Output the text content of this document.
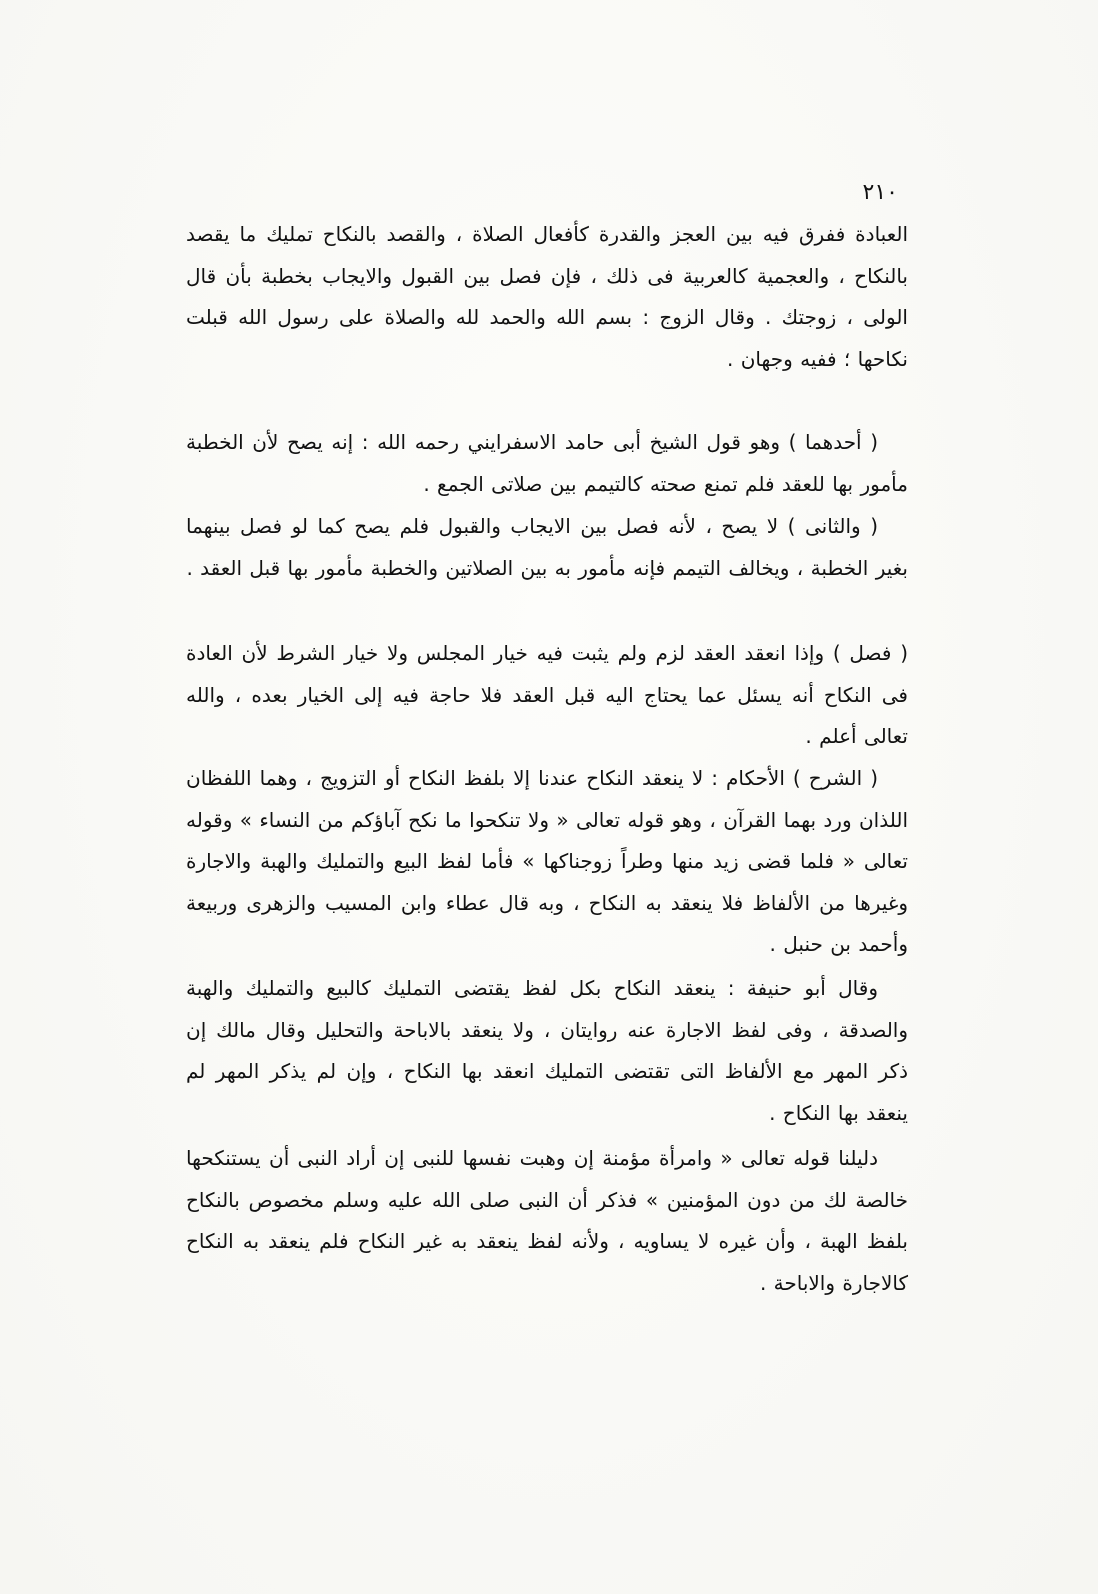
٢١٠

العبادة ففرق فيه بين العجز والقدرة كأفعال الصلاة ، والقصد بالنكاح تمليك ما يقصد بالنكاح ، والعجمية كالعربية فى ذلك ، فإن فصل بين القبول والايجاب بخطبة بأن قال الولى ، زوجتك . وقال الزوج : بسم الله والحمد لله والصلاة على رسول الله قبلت نكاحها ؛ ففيه وجهان .

( أحدهما ) وهو قول الشيخ أبى حامد الاسفرايني رحمه الله : إنه يصح لأن الخطبة مأمور بها للعقد فلم تمنع صحته كالتيمم بين صلاتى الجمع .

( والثانى ) لا يصح ، لأنه فصل بين الايجاب والقبول فلم يصح كما لو فصل بينهما بغير الخطبة ، ويخالف التيمم فإنه مأمور به بين الصلاتين والخطبة مأمور بها قبل العقد .

( فصل ) وإذا انعقد العقد لزم ولم يثبت فيه خيار المجلس ولا خيار الشرط لأن العادة فى النكاح أنه يسئل عما يحتاج اليه قبل العقد فلا حاجة فيه إلى الخيار بعده ، والله تعالى أعلم .

( الشرح ) الأحكام : لا ينعقد النكاح عندنا إلا بلفظ النكاح أو التزويج ، وهما اللفظان اللذان ورد بهما القرآن ، وهو قوله تعالى « ولا تنكحوا ما نكح آباؤكم من النساء » وقوله تعالى « فلما قضى زيد منها وطراً زوجناكها » فأما لفظ البيع والتمليك والهبة والاجارة وغيرها من الألفاظ فلا ينعقد به النكاح ، وبه قال عطاء وابن المسيب والزهرى وربيعة وأحمد بن حنبل .

وقال أبو حنيفة : ينعقد النكاح بكل لفظ يقتضى التمليك كالبيع والتمليك والهبة والصدقة ، وفى لفظ الاجارة عنه روايتان ، ولا ينعقد بالاباحة والتحليل وقال مالك إن ذكر المهر مع الألفاظ التى تقتضى التمليك انعقد بها النكاح ، وإن لم يذكر المهر لم ينعقد بها النكاح .

دليلنا قوله تعالى « وامرأة مؤمنة إن وهبت نفسها للنبى إن أراد النبى أن يستنكحها خالصة لك من دون المؤمنين » فذكر أن النبى صلى الله عليه وسلم مخصوص بالنكاح بلفظ الهبة ، وأن غيره لا يساويه ، ولأنه لفظ ينعقد به غير النكاح فلم ينعقد به النكاح كالاجارة والاباحة .
